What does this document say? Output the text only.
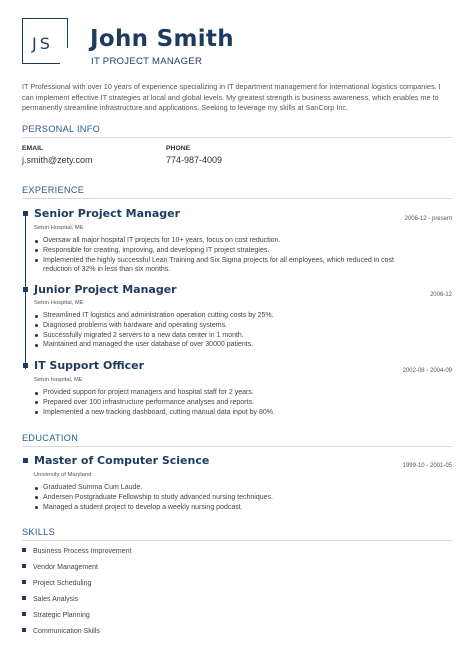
JS John Smith
IT PROJECT MANAGER
IT Professional with over 10 years of experience specializing in IT department management for international logistics companies. I can implement effective IT strategies at local and global levels. My greatest strength is business awareness, which enables me to permanently streamline infrastructure and applications. Seeking to leverage my skills at SanCorp Inc.
PERSONAL INFO
EMAIL
j.smith@zety.com
PHONE
774-987-4009
EXPERIENCE
Senior Project Manager	2006-12 - present
Seton Hospital, ME
Oversaw all major hospital IT projects for 10+ years, focus on cost reduction.
Responsible for creating, improving, and developing IT project strategies.
Implemented the highly successful Lean Training and Six Sigma projects for all employees, which reduced in cost reduction of 32% in less than six months.
Junior Project Manager	2006-12
Seton Hospital, ME
Streamlined IT logistics and administration operation cutting costs by 25%.
Diagnosed problems with hardware and operating systems.
Successfully migrated 2 servers to a new data center in 1 month.
Maintained and managed the user database of over 30000 patients.
IT Support Officer	2002-08 - 2004-09
Seton hospital, ME
Provided support for project managers and hospital staff for 2 years.
Prepared over 100 infrastructure performance analyses and reports.
Implemented a new tracking dashboard, cutting manual data input by 80%.
EDUCATION
Master of Computer Science	1999-10 - 2001-05
University of Maryland
Graduated Summa Cum Laude.
Andersen Postgraduate Fellowship to study advanced nursing techniques.
Managed a student project to develop a weekly nursing podcast.
SKILLS
Business Process Improvement
Vendor Management
Project Scheduling
Sales Analysis
Strategic Planning
Communication Skills
